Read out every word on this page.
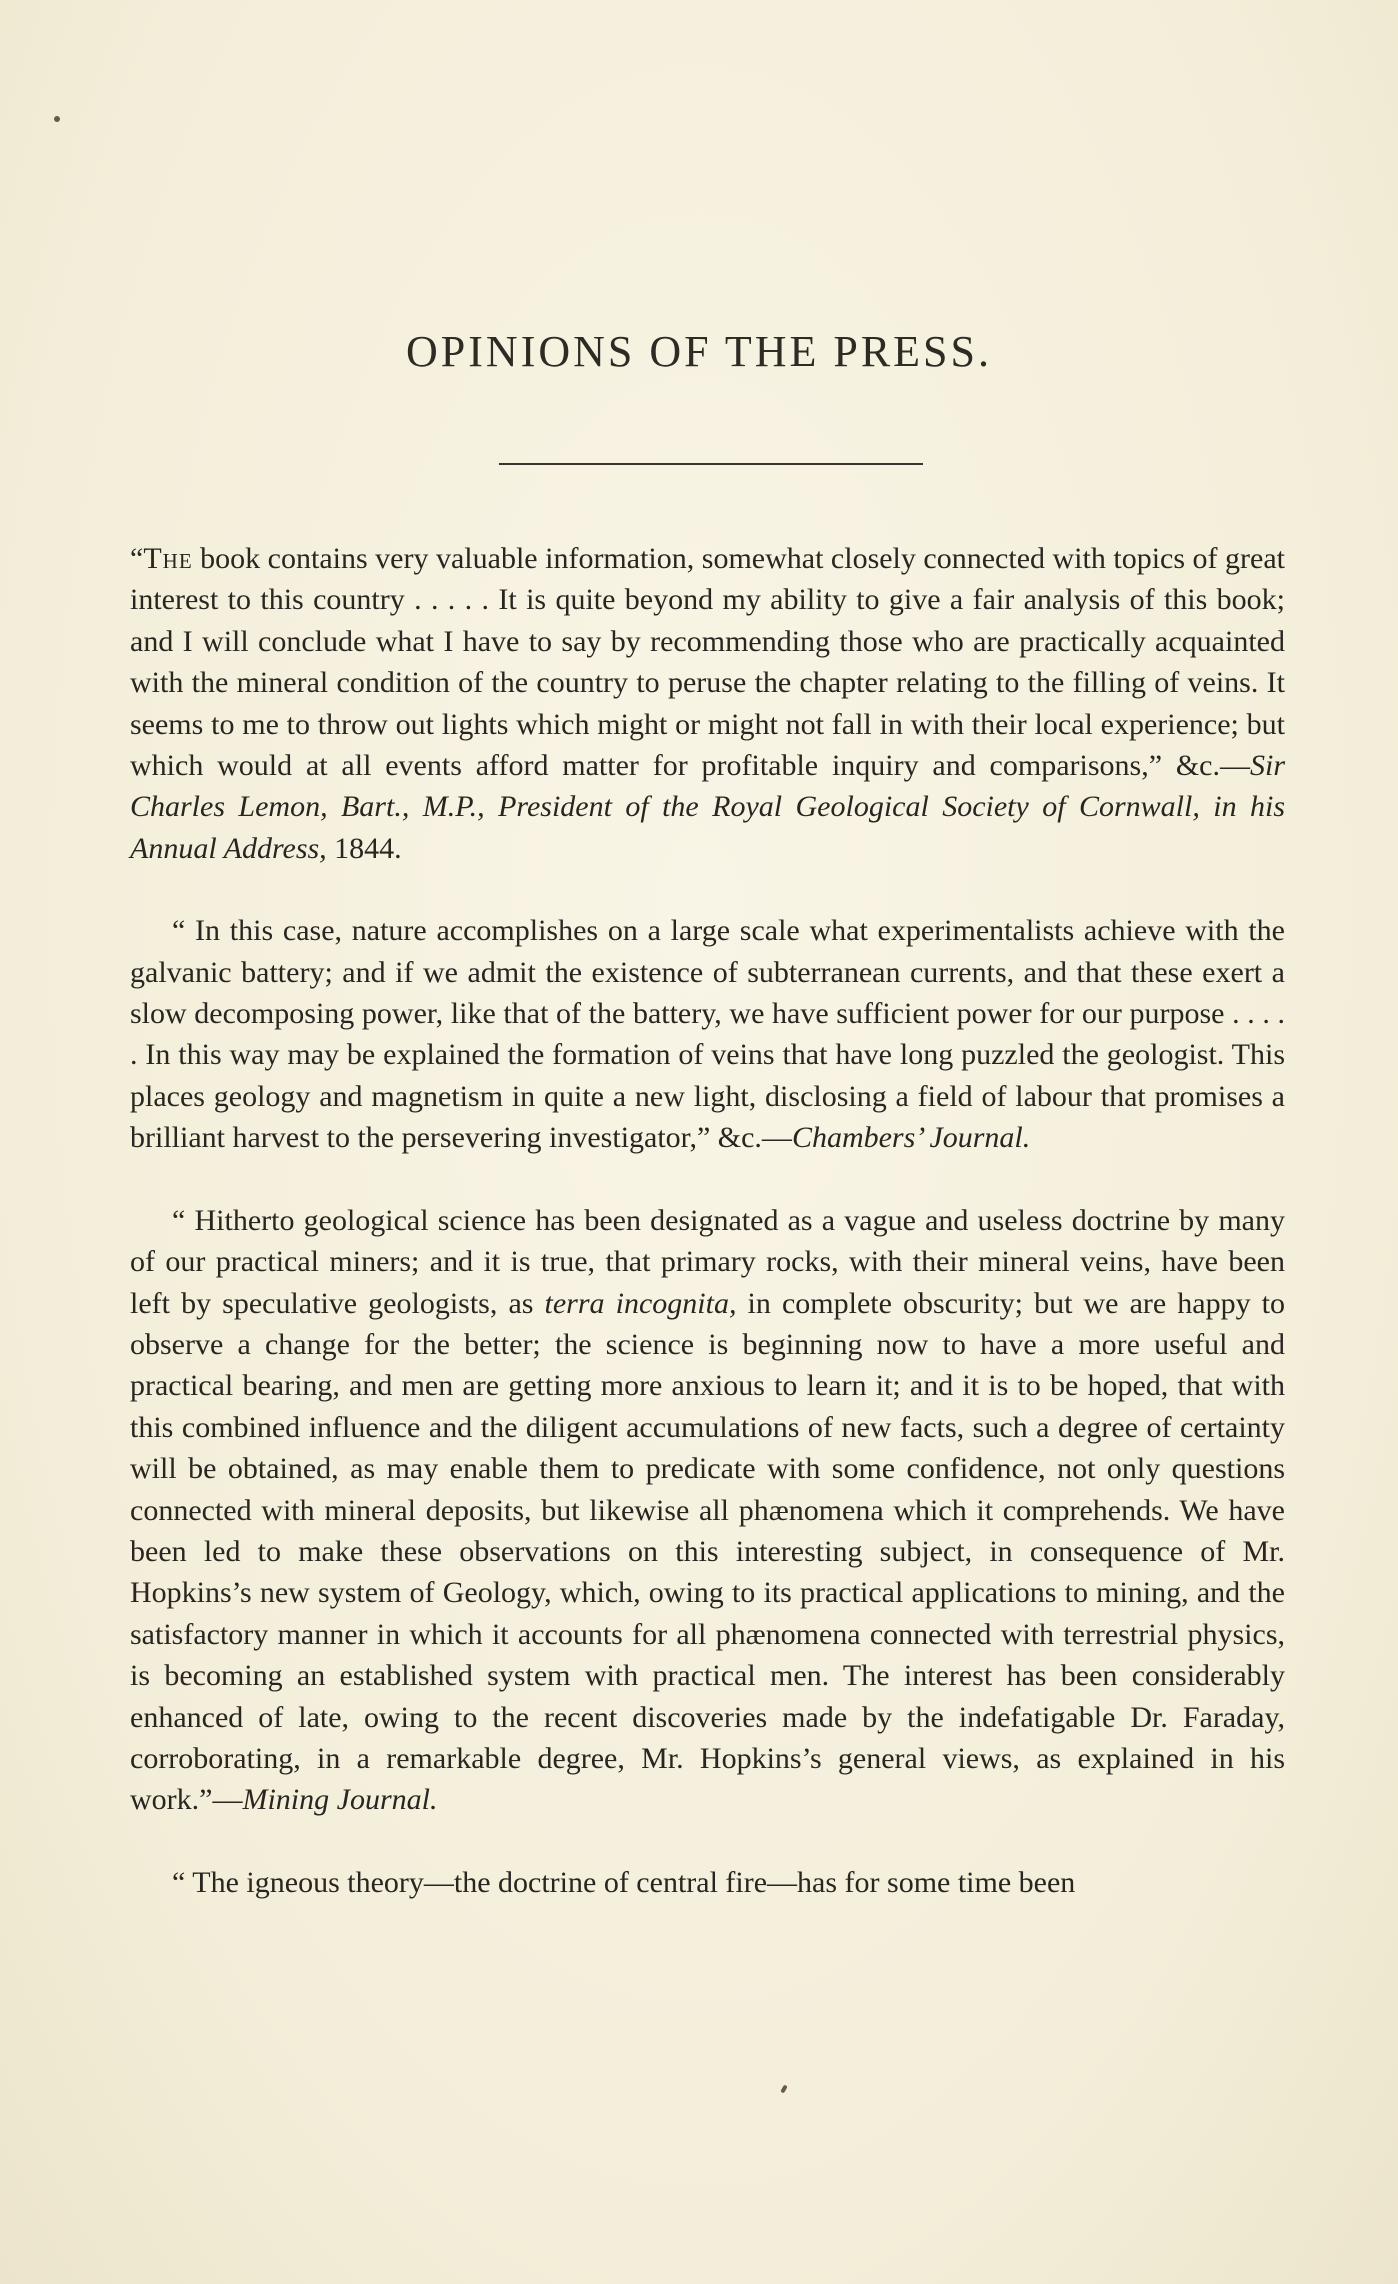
OPINIONS OF THE PRESS.

“The book contains very valuable information, somewhat closely connected with topics of great interest to this country . . . . . It is quite beyond my ability to give a fair analysis of this book; and I will conclude what I have to say by recommending those who are practically acquainted with the mineral condition of the country to peruse the chapter relating to the filling of veins. It seems to me to throw out lights which might or might not fall in with their local experience; but which would at all events afford matter for profitable inquiry and comparisons,” &c.—Sir Charles Lemon, Bart., M.P., President of the Royal Geological Society of Cornwall, in his Annual Address, 1844.

“ In this case, nature accomplishes on a large scale what experimentalists achieve with the galvanic battery; and if we admit the existence of subterranean currents, and that these exert a slow decomposing power, like that of the battery, we have sufficient power for our purpose . . . . . In this way may be explained the formation of veins that have long puzzled the geologist. This places geology and magnetism in quite a new light, disclosing a field of labour that promises a brilliant harvest to the persevering investigator,” &c.—Chambers’ Journal.

“ Hitherto geological science has been designated as a vague and useless doctrine by many of our practical miners; and it is true, that primary rocks, with their mineral veins, have been left by speculative geologists, as terra incognita, in complete obscurity; but we are happy to observe a change for the better; the science is beginning now to have a more useful and practical bearing, and men are getting more anxious to learn it; and it is to be hoped, that with this combined influence and the diligent accumulations of new facts, such a degree of certainty will be obtained, as may enable them to predicate with some confidence, not only questions connected with mineral deposits, but likewise all phænomena which it comprehends. We have been led to make these observations on this interesting subject, in consequence of Mr. Hopkins’s new system of Geology, which, owing to its practical applications to mining, and the satisfactory manner in which it accounts for all phænomena connected with terrestrial physics, is becoming an established system with practical men. The interest has been considerably enhanced of late, owing to the recent discoveries made by the indefatigable Dr. Faraday, corroborating, in a remarkable degree, Mr. Hopkins’s general views, as explained in his work.”—Mining Journal.

“ The igneous theory—the doctrine of central fire—has for some time been
